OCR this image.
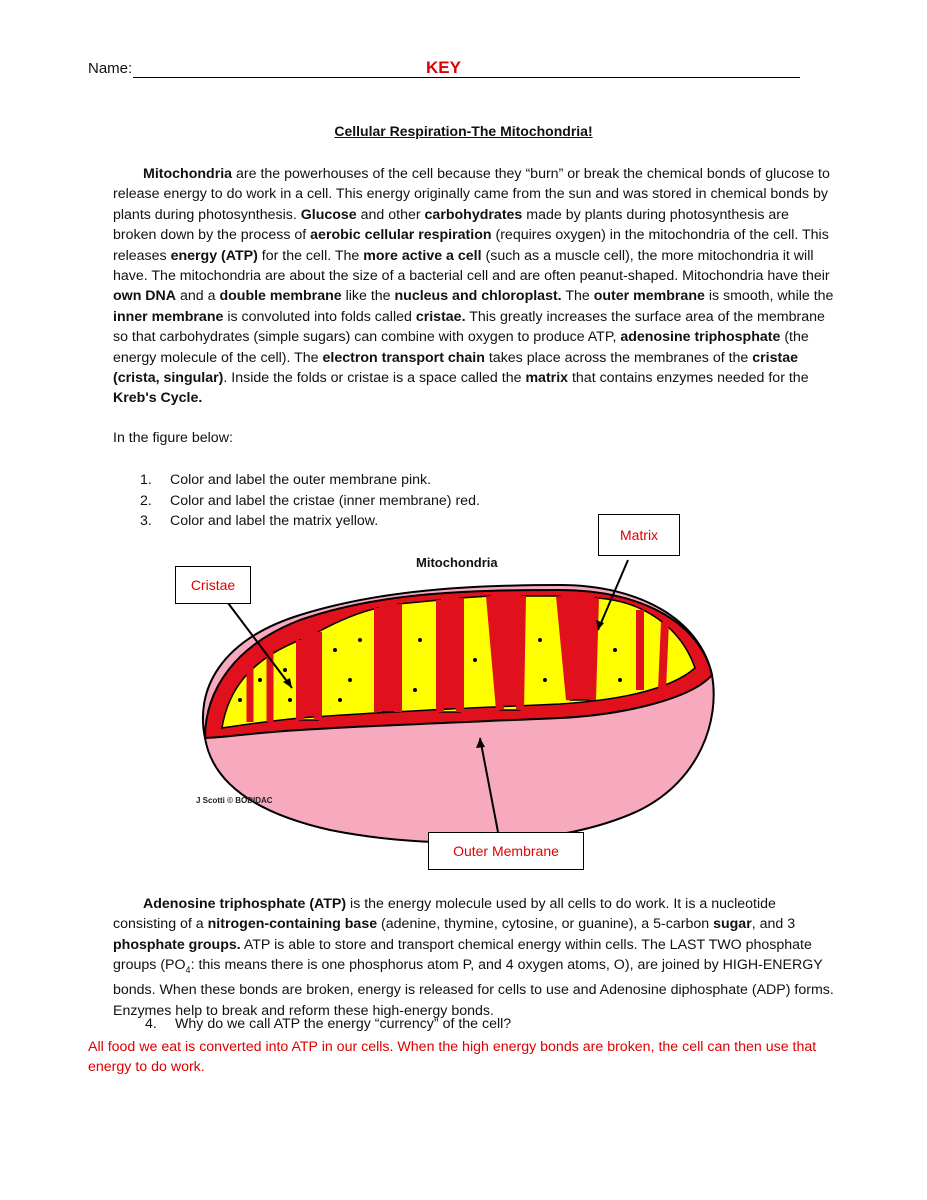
Name:	KEY
Cellular Respiration-The Mitochondria!
Mitochondria are the powerhouses of the cell because they “burn” or break the chemical bonds of glucose to release energy to do work in a cell. This energy originally came from the sun and was stored in chemical bonds by plants during photosynthesis. Glucose and other carbohydrates made by plants during photosynthesis are broken down by the process of aerobic cellular respiration (requires oxygen) in the mitochondria of the cell. This releases energy (ATP) for the cell. The more active a cell (such as a muscle cell), the more mitochondria it will have. The mitochondria are about the size of a bacterial cell and are often peanut-shaped. Mitochondria have their own DNA and a double membrane like the nucleus and chloroplast. The outer membrane is smooth, while the inner membrane is convoluted into folds called cristae. This greatly increases the surface area of the membrane so that carbohydrates (simple sugars) can combine with oxygen to produce ATP, adenosine triphosphate (the energy molecule of the cell). The electron transport chain takes place across the membranes of the cristae (crista, singular). Inside the folds or cristae is a space called the matrix that contains enzymes needed for the Kreb's Cycle.
In the figure below:
1. Color and label the outer membrane pink.
2. Color and label the cristae (inner membrane) red.
3. Color and label the matrix yellow.
Mitochondria
Matrix
Cristae
Outer Membrane
J Scotti © BODIDAC
Adenosine triphosphate (ATP) is the energy molecule used by all cells to do work. It is a nucleotide consisting of a nitrogen-containing base (adenine, thymine, cytosine, or guanine), a 5-carbon sugar, and 3 phosphate groups. ATP is able to store and transport chemical energy within cells. The LAST TWO phosphate groups ($PO_4$: this means there is one phosphorus atom P, and 4 oxygen atoms, O), are joined by HIGH-ENERGY bonds. When these bonds are broken, energy is released for cells to use and Adenosine diphosphate (ADP) forms. Enzymes help to break and reform these high-energy bonds.
4. Why do we call ATP the energy “currency” of the cell?
All food we eat is converted into ATP in our cells. When the high energy bonds are broken, the cell can then use that energy to do work.
